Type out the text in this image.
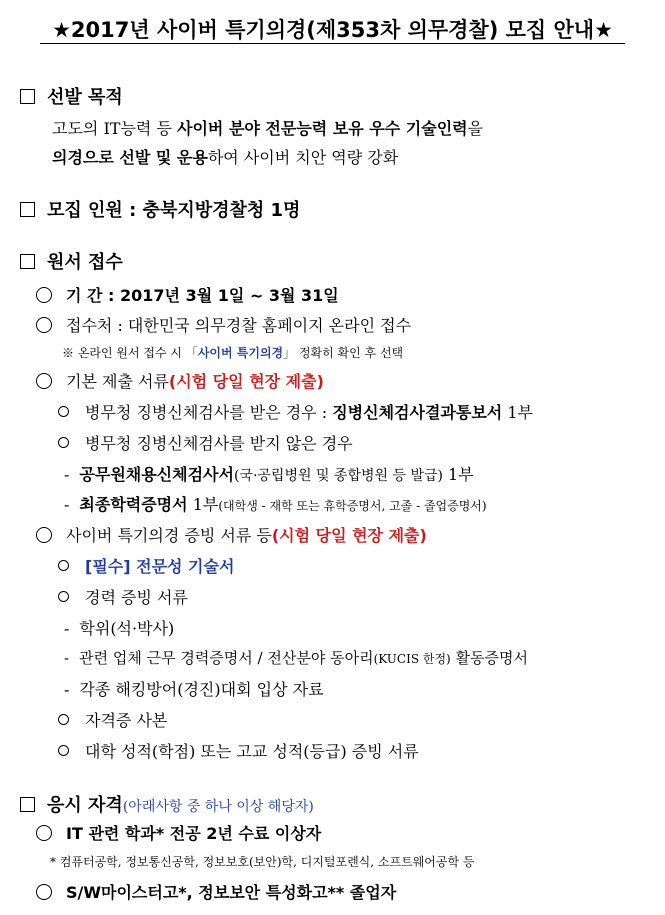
★2017년 사이버 특기의경(제353차 의무경찰) 모집 안내★
선발 목적
고도의 IT능력 등 사이버 분야 전문능력 보유 우수 기술인력을
의경으로 선발 및 운용하여 사이버 치안 역량 강화
모집 인원 : 충북지방경찰청 1명
원서 접수
기 간 : 2017년 3월 1일 ~ 3월 31일
접수처 : 대한민국 의무경찰 홈페이지 온라인 접수
※ 온라인 원서 접수 시 「사이버 특기의경」 정확히 확인 후 선택
기본 제출 서류(시험 당일 현장 제출)
병무청 징병신체검사를 받은 경우 : 징병신체검사결과통보서 1부
병무청 징병신체검사를 받지 않은 경우
- 공무원채용신체검사서(국·공립병원 및 종합병원 등 발급) 1부
- 최종학력증명서 1부(대학생 - 재학 또는 휴학증명서, 고졸 - 졸업증명서)
사이버 특기의경 증빙 서류 등(시험 당일 현장 제출)
[필수] 전문성 기술서
경력 증빙 서류
- 학위(석·박사)
- 관련 업체 근무 경력증명서 / 전산분야 동아리(KUCIS 한정) 활동증명서
- 각종 해킹방어(경진)대회 입상 자료
자격증 사본
대학 성적(학점) 또는 고교 성적(등급) 증빙 서류
응시 자격(아래사항 중 하나 이상 해당자)
IT 관련 학과* 전공 2년 수료 이상자
* 컴퓨터공학, 정보통신공학, 정보보호(보안)학, 디지털포렌식, 소프트웨어공학 등
S/W마이스터고*, 정보보안 특성화고** 졸업자
